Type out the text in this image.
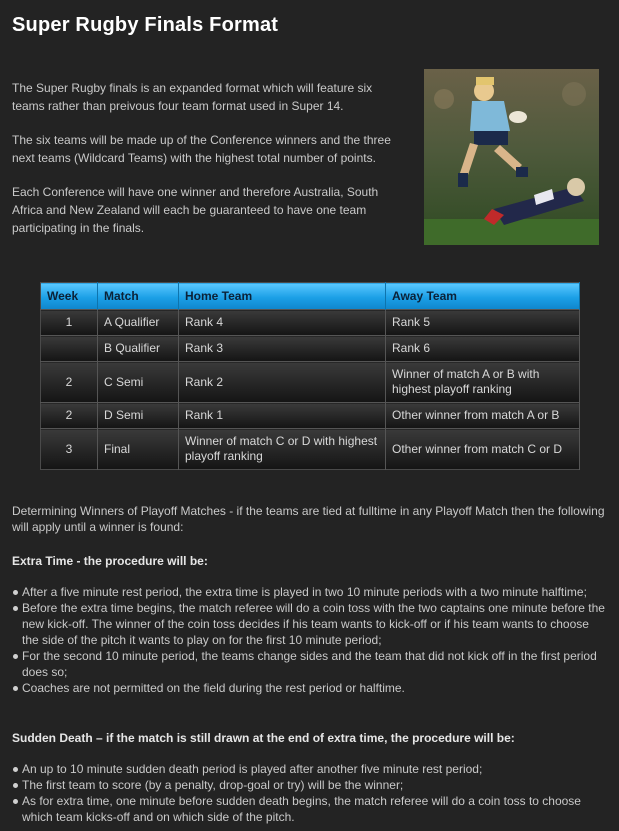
Super Rugby Finals Format

The Super Rugby finals is an expanded format which will feature six teams rather than preivous four team format used in Super 14.

The six teams will be made up of the Conference winners and the three next teams (Wildcard Teams) with the highest total number of points.

Each Conference will have one winner and therefore Australia, South Africa and New Zealand will each be guaranteed to have one team participating in the finals.

Week	Match	Home Team	Away Team
1	A Qualifier	Rank 4	Rank 5
	B Qualifier	Rank 3	Rank 6
2	C Semi	Rank 2	Winner of match A or B with highest playoff ranking
2	D Semi	Rank 1	Other winner from match A or B
3	Final	Winner of match C or D with highest playoff ranking	Other winner from match C or D

Determining Winners of Playoff Matches - if the teams are tied at fulltime in any Playoff Match then the following will apply until a winner is found:

Extra Time - the procedure will be:

After a five minute rest period, the extra time is played in two 10 minute periods with a two minute halftime;
Before the extra time begins, the match referee will do a coin toss with the two captains one minute before the new kick-off. The winner of the coin toss decides if his team wants to kick-off or if his team wants to choose the side of the pitch it wants to play on for the first 10 minute period;
For the second 10 minute period, the teams change sides and the team that did not kick off in the first period does so;
Coaches are not permitted on the field during the rest period or halftime.

Sudden Death – if the match is still drawn at the end of extra time, the procedure will be:

An up to 10 minute sudden death period is played after another five minute rest period;
The first team to score (by a penalty, drop-goal or try) will be the winner;
As for extra time, one minute before sudden death begins, the match referee will do a coin toss to choose which team kicks-off and on which side of the pitch.
